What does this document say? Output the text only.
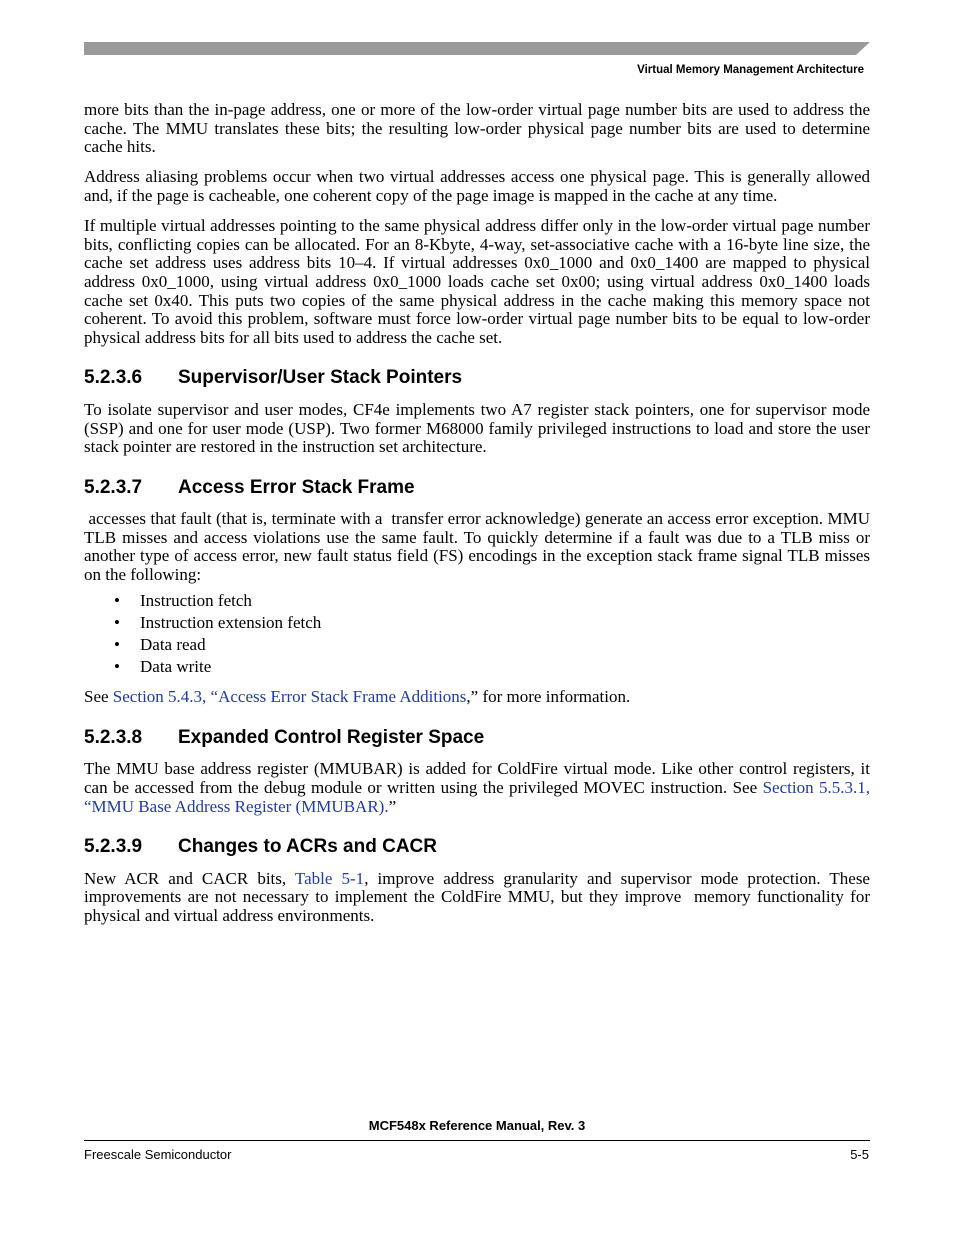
Virtual Memory Management Architecture

more bits than the in-page address, one or more of the low-order virtual page number bits are used to address the cache. The MMU translates these bits; the resulting low-order physical page number bits are used to determine cache hits.

Address aliasing problems occur when two virtual addresses access one physical page. This is generally allowed and, if the page is cacheable, one coherent copy of the page image is mapped in the cache at any time.

If multiple virtual addresses pointing to the same physical address differ only in the low-order virtual page number bits, conflicting copies can be allocated. For an 8-Kbyte, 4-way, set-associative cache with a 16-byte line size, the cache set address uses address bits 10–4. If virtual addresses 0x0_1000 and 0x0_1400 are mapped to physical address 0x0_1000, using virtual address 0x0_1000 loads cache set 0x00; using virtual address 0x0_1400 loads cache set 0x40. This puts two copies of the same physical address in the cache making this memory space not coherent. To avoid this problem, software must force low-order virtual page number bits to be equal to low-order physical address bits for all bits used to address the cache set.

5.2.3.6	Supervisor/User Stack Pointers

To isolate supervisor and user modes, CF4e implements two A7 register stack pointers, one for supervisor mode (SSP) and one for user mode (USP). Two former M68000 family privileged instructions to load and store the user stack pointer are restored in the instruction set architecture.

5.2.3.7	Access Error Stack Frame

accesses that fault (that is, terminate with a  transfer error acknowledge) generate an access error exception. MMU TLB misses and access violations use the same fault. To quickly determine if a fault was due to a TLB miss or another type of access error, new fault status field (FS) encodings in the exception stack frame signal TLB misses on the following:

•	Instruction fetch
•	Instruction extension fetch
•	Data read
•	Data write

See Section 5.4.3, “Access Error Stack Frame Additions,” for more information.

5.2.3.8	Expanded Control Register Space

The MMU base address register (MMUBAR) is added for ColdFire virtual mode. Like other control registers, it can be accessed from the debug module or written using the privileged MOVEC instruction. See Section 5.5.3.1, “MMU Base Address Register (MMUBAR).”

5.2.3.9	Changes to ACRs and CACR

New ACR and CACR bits, Table 5-1, improve address granularity and supervisor mode protection. These improvements are not necessary to implement the ColdFire MMU, but they improve  memory functionality for physical and virtual address environments.

MCF548x Reference Manual, Rev. 3
Freescale Semiconductor	5-5
